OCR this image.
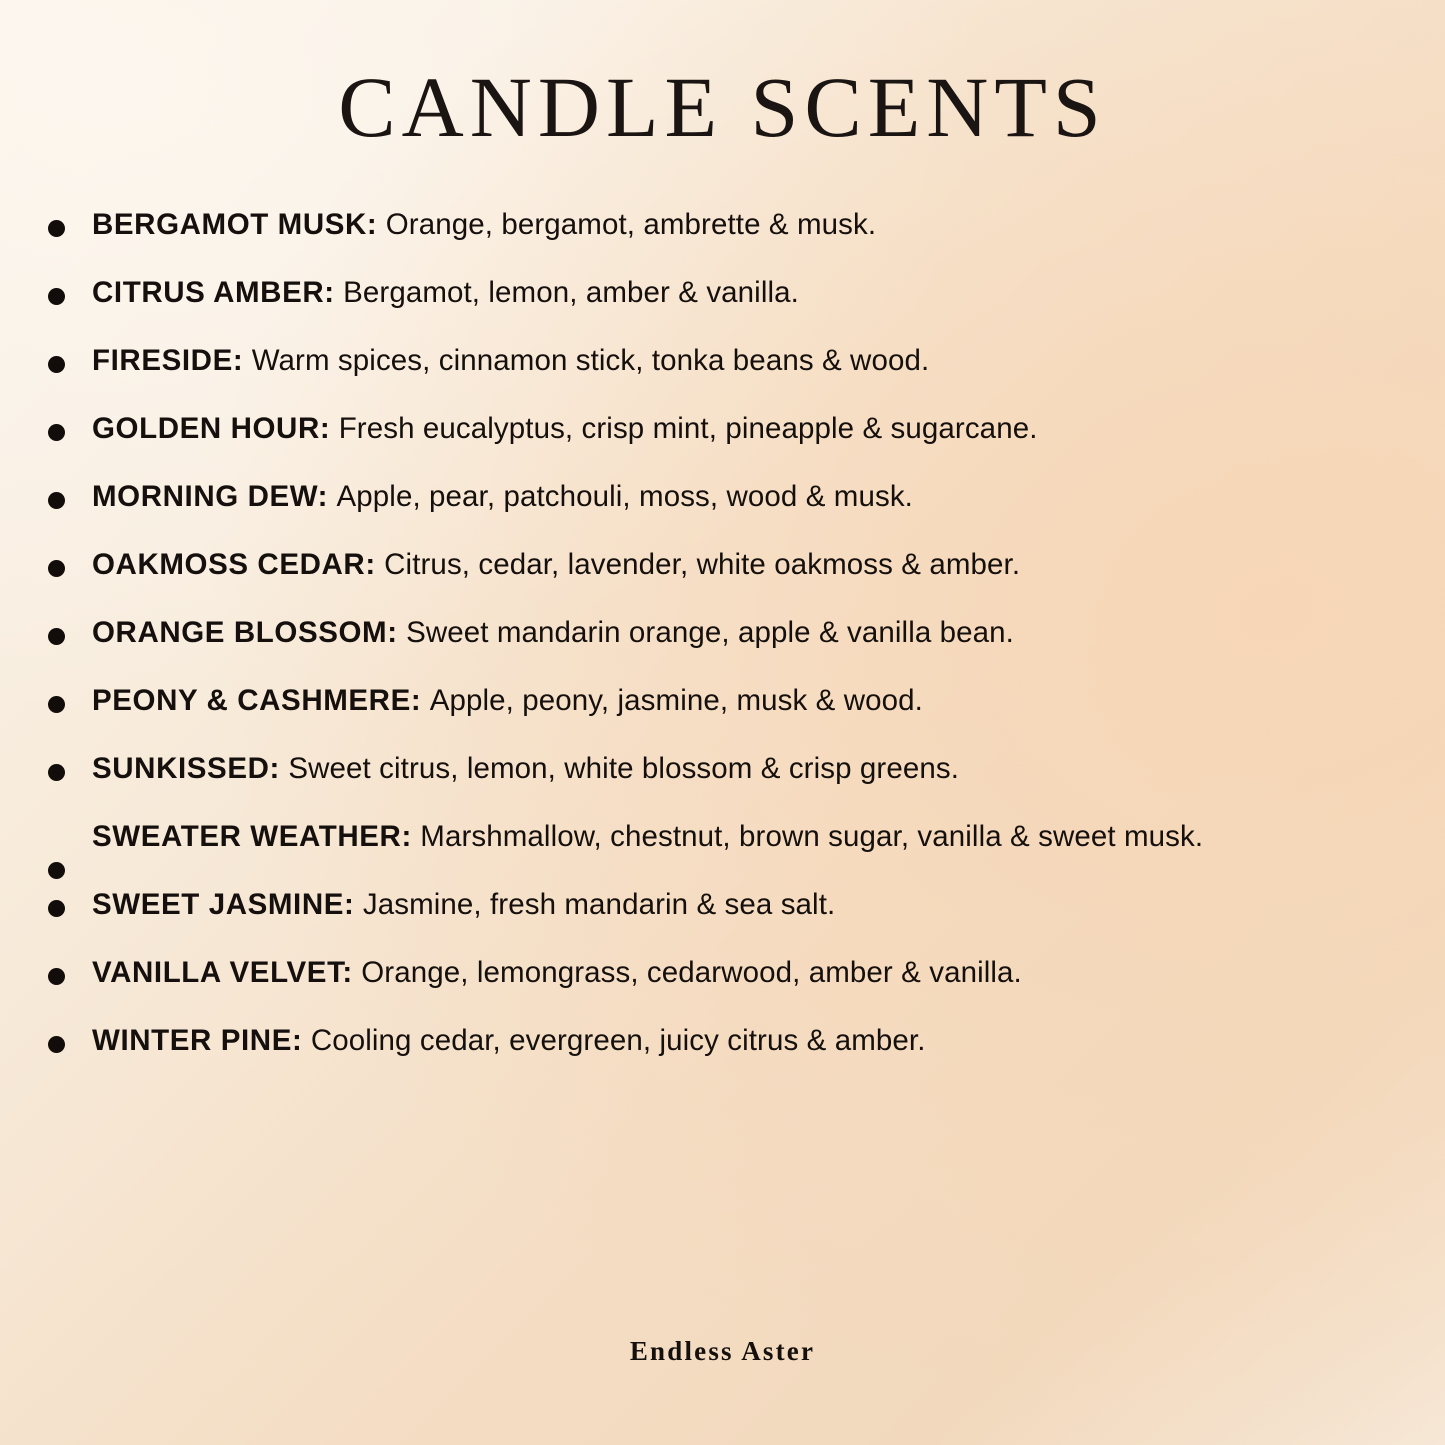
CANDLE SCENTS
BERGAMOT MUSK: Orange, bergamot, ambrette & musk.
CITRUS AMBER: Bergamot, lemon, amber & vanilla.
FIRESIDE: Warm spices, cinnamon stick, tonka beans & wood.
GOLDEN HOUR: Fresh eucalyptus, crisp mint, pineapple & sugarcane.
MORNING DEW: Apple, pear, patchouli, moss, wood & musk.
OAKMOSS CEDAR: Citrus, cedar, lavender, white oakmoss & amber.
ORANGE BLOSSOM: Sweet mandarin orange, apple & vanilla bean.
PEONY & CASHMERE: Apple, peony, jasmine, musk & wood.
SUNKISSED: Sweet citrus, lemon, white blossom & crisp greens.
SWEATER WEATHER: Marshmallow, chestnut, brown sugar, vanilla & sweet musk.
SWEET JASMINE: Jasmine, fresh mandarin & sea salt.
VANILLA VELVET: Orange, lemongrass, cedarwood, amber & vanilla.
WINTER PINE: Cooling cedar, evergreen, juicy citrus & amber.
Endless Aster
